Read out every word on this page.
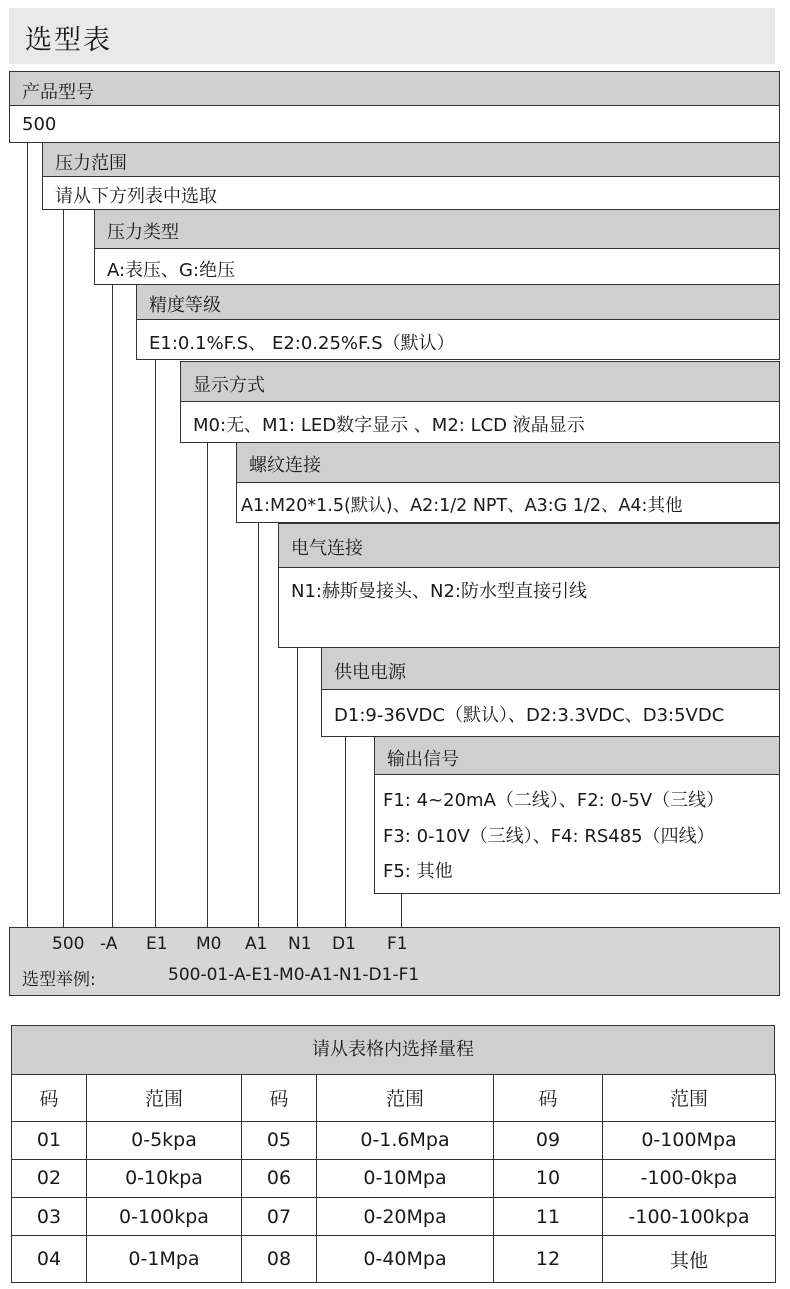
选型表
产品型号
500
压力范围
请从下方列表中选取
压力类型
A:表压、G:绝压
精度等级
E1:0.1%F.S、 E2:0.25%F.S（默认）
显示方式
M0:无、M1: LED数字显示 、M2: LCD 液晶显示
螺纹连接
A1:M20*1.5(默认)、A2:1/2 NPT、A3:G 1/2、A4:其他
电气连接
N1:赫斯曼接头、N2:防水型直接引线
供电电源
D1:9-36VDC（默认）、D2:3.3VDC、D3:5VDC
输出信号
F1: 4~20mA（二线）、F2: 0-5V（三线）
F3: 0-10V（三线）、F4: RS485（四线）
F5: 其他
500 -A E1 M0 A1 N1 D1 F1
选型举例:	500-01-A-E1-M0-A1-N1-D1-F1
请从表格内选择量程
码	范围	码	范围	码	范围
01	0-5kpa	05	0-1.6Mpa	09	0-100Mpa
02	0-10kpa	06	0-10Mpa	10	-100-0kpa
03	0-100kpa	07	0-20Mpa	11	-100-100kpa
04	0-1Mpa	08	0-40Mpa	12	其他
